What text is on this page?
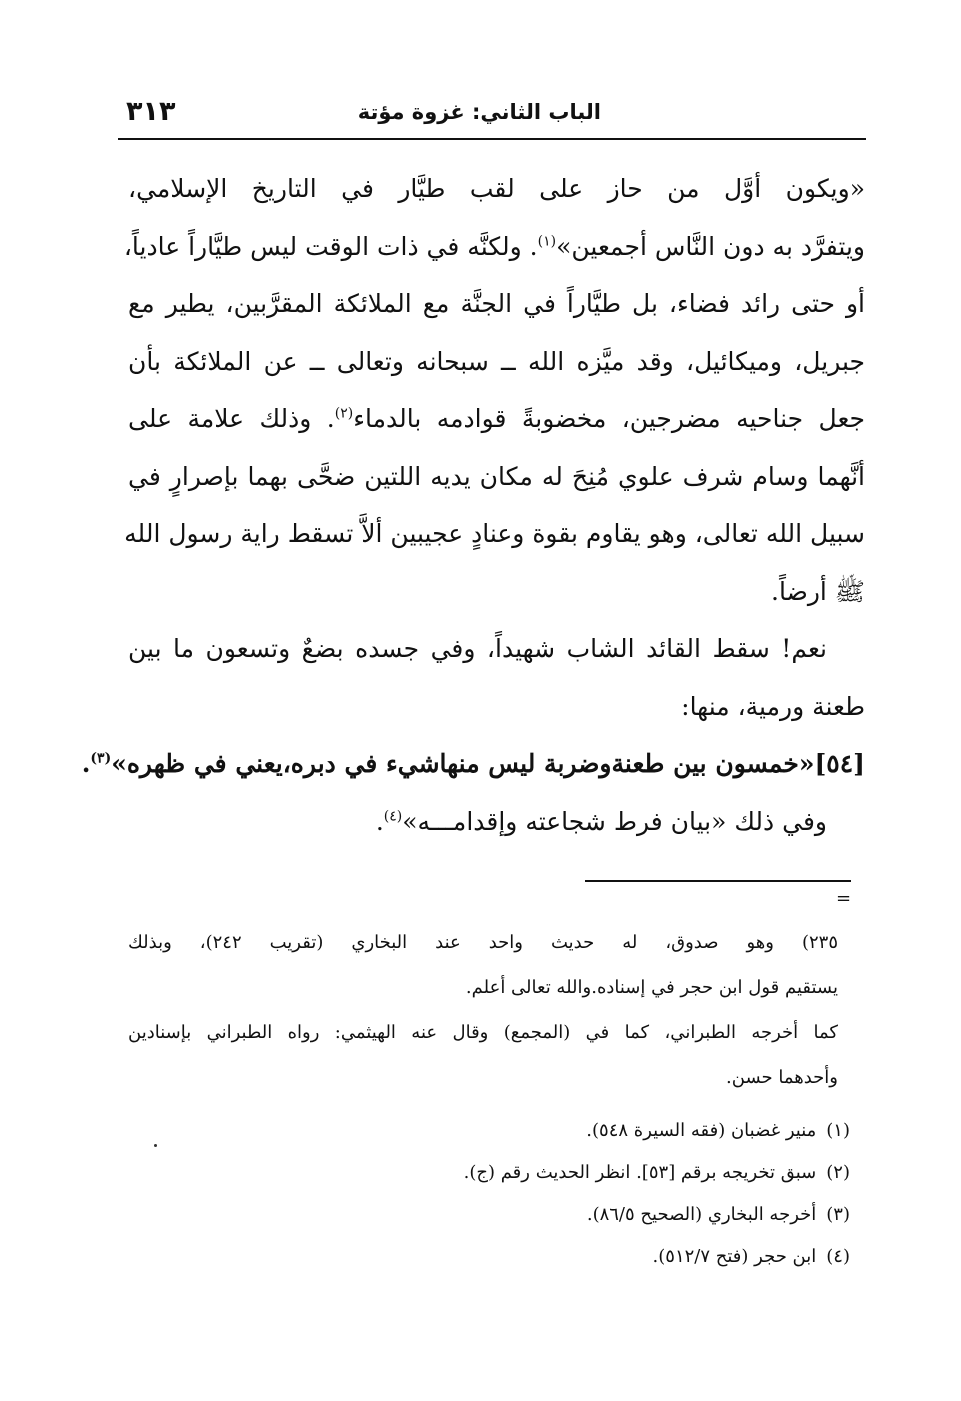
٣١٣	الباب الثاني: غزوة مؤتة
«ويكون أوَّل من حاز على لقب طيَّار في التاريخ الإسلامي،
ويتفرَّد به دون النَّاس أجمعين»$^{(١)}$. ولكنَّه في ذات الوقت ليس طيَّاراً عادياً،
أو حتى رائد فضاء، بل طيَّاراً في الجنَّة مع الملائكة المقرَّبين، يطير مع
جبريل، وميكائيل، وقد ميَّزه الله ــ سبحانه وتعالى ــ عن الملائكة بأن
جعل جناحيه مضرجين، مخضوبةً قوادمه بالدماء$^{(٢)}$. وذلك علامة على
أنَّهما وسام شرف علوي مُنِحَ له مكان يديه اللتين ضحَّى بهما بإصرارٍ في
سبيل الله تعالى، وهو يقاوم بقوة وعنادٍ عجيبين ألاَّ تسقط راية رسول الله
ﷺ أرضاً.
نعم! سقط القائد الشاب شهيداً، وفي جسده بضعٌ وتسعون ما بين
طعنة ورمية، منها:
[٥٤]«خمسون بين طعنةوضربة ليس منهاشيء في دبره،يعني في ظهره»$^{(٣)}$.
وفي ذلك «بيان فرط شجاعته وإقدامـــه»$^{(٤)}$.
=
٢٣٥) وهو صدوق، له حديث واحد عند البخاري (تقريب ٢٤٢)، وبذلك
يستقيم قول ابن حجر في إسناده.والله تعالى أعلم.
كما أخرجه الطبراني، كما في (المجمع) وقال عنه الهيثمي: رواه الطبراني بإسنادين
وأحدهما حسن.
(١)منير غضبان (فقه السيرة ٥٤٨).
(٢)سبق تخريجه برقم [٥٣]. انظر الحديث رقم (ج).
(٣)أخرجه البخاري (الصحيح ٨٦/٥).
(٤)ابن حجر (فتح ٥١٢/٧).
